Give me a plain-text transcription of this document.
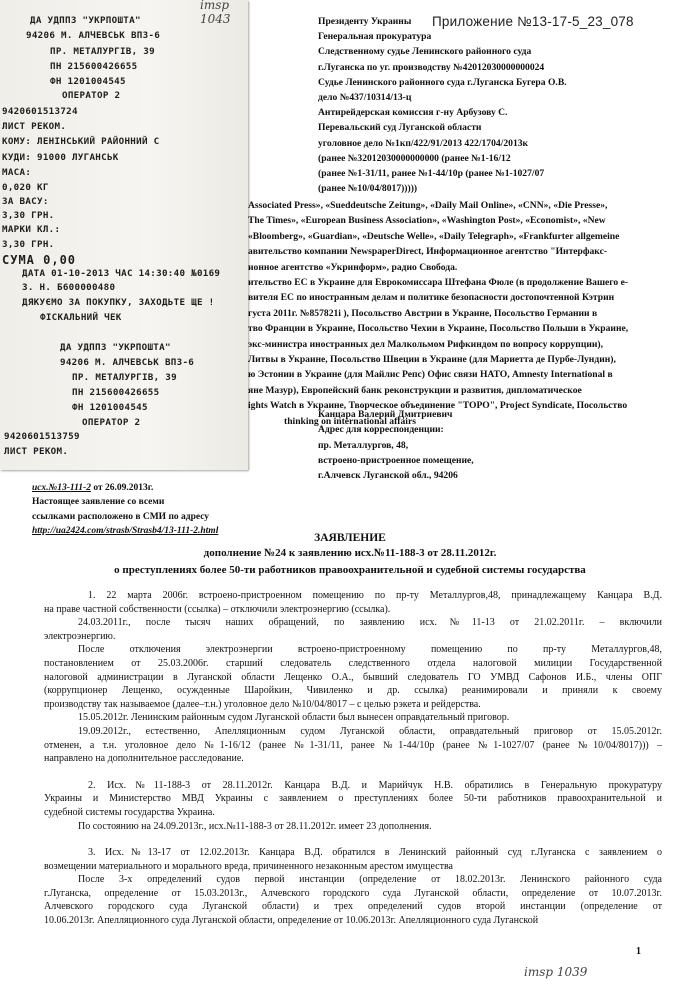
Приложение №13-17-5_23_078
Президенту Украины
Генеральная прокуратура
Следственному судье Ленинского районного суда
г.Луганска по уг. производству №42012030000000024
Судье Ленинского районного суда г.Луганска Бугера О.В.
дело №437/10314/13-ц
Антирейдерская комиссия г-ну Арбузову С.
Перевальский суд Луганской области
уголовное дело №1кп/422/91/2013 422/1704/2013к
(ранее №32012030000000000 (ранее №1-16/12
(ранее №1-31/11, ранее №1-44/10р (ранее №1-1027/07
(ранее №10/04/8017)))))
Associated Press», «Sueddeutsche Zeitung», «Daily Mail Online», «CNN», «Die Presse»,
The Times», «European Business Association», «Washington Post», «Economist», «New
«Bloomberg», «Guardian», «Deutsche Welle», «Daily Telegraph», «Frankfurter allgemeine
авительство компании NewspaperDirect, Информационное агентство "Интерфакс-
ионное агентство «Укринформ», радио Свобода.
ительство ЕС в Украине для Еврокомиссара Штефана Фюле (в продолжение Вашего е-
вителя ЕС по иностранным делам и политике безопасности достопочтенной Кэтрин
густа 2011г. №857821i ), Посольство Австрии в Украине, Посольство Германии в
тво Франции в Украине, Посольство Чехии в Украине, Посольство Польши в Украине,
экс-министра иностранных дел Малкольмом Рифкиндом по вопросу коррупции),
Литвы в Украине, Посольство Швеции в Украине (для Мариетта де Пурбе-Лундин),
ю Эстонии в Украине (для Майлис Репс) Офис связи НАТО, Amnesty International в
яне Мазур), Европейский банк реконструкции и развития, дипломатическое
ights Watch в Украине, Творческое объединение "ТОРО", Project Syndicate, Посольство
thinking on international affairs
Канцара Валерий Дмитриевич
Адрес для корреспонденции:
пр. Металлургов, 48,
встроено-пристроенное помещение,
г.Алчевск Луганской обл., 94206
ДА УДППЗ "УКРПОШТА"
94206 М. АЛЧЕВСЬК ВПЗ-6
ПР. МЕТАЛУРГIВ, 39
ПН 215600426655
ФН 1201004545
ОПЕРАТОР 2
9420601513724
ЛИСТ РЕКОМ.
КОМУ: ЛЕНIНСЬКИЙ РАЙОННИЙ С
КУДИ: 91000 ЛУГАНСЬК
МАСА:
0,020 КГ
ЗА ВАСУ:
3,30 ГРН.
МАРКИ КЛ.:
3,30 ГРН.
СУМА 0,00
ДАТА 01-10-2013 ЧАС 14:30:40 №0169
З. Н. Б600000480
ДЯКУЄМО ЗА ПОКУПКУ, ЗАХОДЬТЕ ЩЕ !
ФIСКАЛЬНИЙ ЧЕК
ДА УДППЗ "УКРПОШТА"
94206 М. АЛЧЕВСЬК ВПЗ-6
ПР. МЕТАЛУРГIВ, 39
ПН 215600426655
ФН 1201004545
ОПЕРАТОР 2
9420601513759
ЛИСТ РЕКОМ.
imsp 1043
исх.№13-111-2 от 26.09.2013г.
Настоящее заявление со всеми
ссылками расположено в СМИ по адресу
http://ua2424.com/strasb/Strasb4/13-111-2.html
ЗАЯВЛЕНИЕ
дополнение №24 к заявлению исх.№11-188-3 от 28.11.2012г.
о преступлениях более 50-ти работников правоохранительной и судебной системы государства
1. 22 марта 2006г. встроено-пристроенном помещению по пр-ту Металлургов,48, принадлежащему Канцара В.Д.
на праве частной собственности (ссылка) – отключили электроэнергию (ссылка).
24.03.2011г., после тысяч наших обращений, по заявлению исх.№11-13 от 21.02.2011г. – включили
электроэнергию.
После отключения электроэнергии встроено-пристроенному помещению по пр-ту Металлургов,48,
постановлением от 25.03.2006г. старший следователь следственного отдела налоговой милиции Государственной
налоговой администрации в Луганской области Лещенко О.А., бывший следователь ГО УМВД Сафонов И.Б., члены ОПГ
(коррупционер Лещенко, осужденные Шаройкин, Чивиленко и др. ссылка) реанимировали и приняли к своему
производству так называемое (далее–т.н.) уголовное дело №10/04/8017 – с целью рэкета и рейдерства.
15.05.2012г. Ленинским районным судом Луганской области был вынесен оправдательный приговор.
19.09.2012г., естественно, Апелляционным судом Луганской области, оправдательный приговор от 15.05.2012г.
отменен, а т.н. уголовное дело №1-16/12 (ранее №1-31/11, ранее №1-44/10р (ранее №1-1027/07 (ранее №10/04/8017))) –
направлено на дополнительное расследование.
2. Исх.№11-188-3 от 28.11.2012г. Канцара В.Д. и Марийчук Н.В. обратились в Генеральную прокуратуру
Украины и Министерство МВД Украины с заявлением о преступлениях более 50-ти работников правоохранительной и
судебной системы государства Украина.
По состоянию на 24.09.2013г., исх.№11-188-3 от 28.11.2012г. имеет 23 дополнения.
3. Исх.№13-17 от 12.02.2013г. Канцара В.Д. обратился в Ленинский районный суд г.Луганска с заявлением о
возмещении материального и морального вреда, причиненного незаконным арестом имущества
После 3-х определений судов первой инстанции (определение от 18.02.2013г. Ленинского районного суда
г.Луганска, определение от 15.03.2013г., Алчевского городского суда Луганской области, определение от 10.07.2013г.
Алчевского городского суда Луганской области) и трех определений судов второй инстанции (определение от
10.06.2013г. Апелляционного суда Луганской области, определение от 10.06.2013г. Апелляционного суда Луганской
1
imsp 1039
